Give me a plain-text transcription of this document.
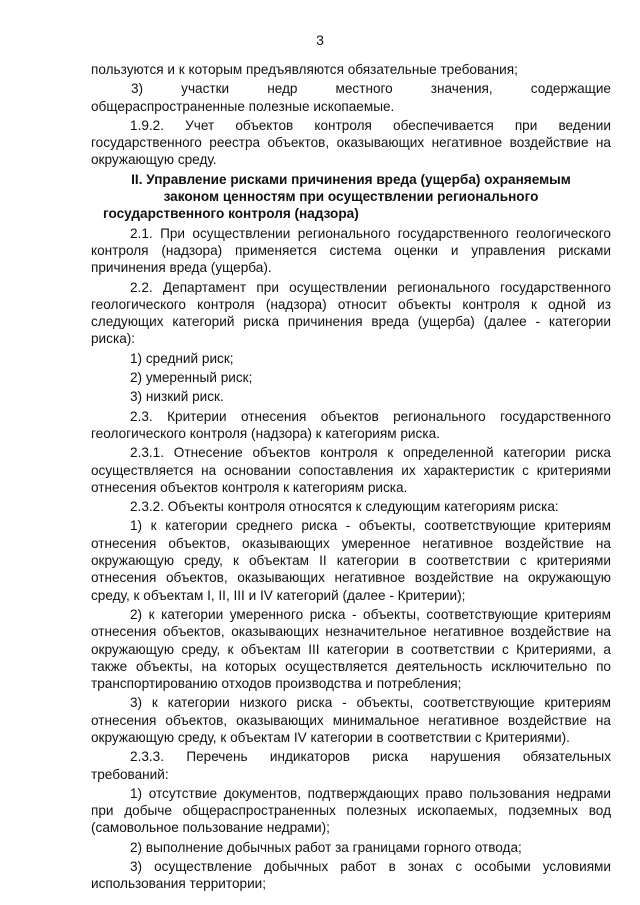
3

пользуются и к которым предъявляются обязательные требования;

3) участки недр местного значения, содержащие

общераспространенные полезные ископаемые.

1.9.2. Учет объектов контроля обеспечивается при ведении государственного реестра объектов, оказывающих негативное воздействие на окружающую среду.

II. Управление рисками причинения вреда (ущерба) охраняемым законом ценностям при осуществлении регионального государственного контроля (надзора)

2.1. При осуществлении регионального государственного геологического контроля (надзора) применяется система оценки и управления рисками причинения вреда (ущерба).

2.2. Департамент при осуществлении регионального государственного геологического контроля (надзора) относит объекты контроля к одной из следующих категорий риска причинения вреда (ущерба) (далее - категории риска):

1) средний риск;

2) умеренный риск;

3) низкий риск.

2.3. Критерии отнесения объектов регионального государственного геологического контроля (надзора) к категориям риска.

2.3.1. Отнесение объектов контроля к определенной категории риска осуществляется на основании сопоставления их характеристик с критериями отнесения объектов контроля к категориям риска.

2.3.2. Объекты контроля относятся к следующим категориям риска:

1) к категории среднего риска - объекты, соответствующие критериям отнесения объектов, оказывающих умеренное негативное воздействие на окружающую среду, к объектам II категории в соответствии с критериями отнесения объектов, оказывающих негативное воздействие на окружающую среду, к объектам I, II, III и IV категорий (далее - Критерии);

2) к категории умеренного риска - объекты, соответствующие критериям отнесения объектов, оказывающих незначительное негативное воздействие на окружающую среду, к объектам III категории в соответствии с Критериями, а также объекты, на которых осуществляется деятельность исключительно по транспортированию отходов производства и потребления;

3) к категории низкого риска - объекты, соответствующие критериям отнесения объектов, оказывающих минимальное негативное воздействие на окружающую среду, к объектам IV категории в соответствии с Критериями).

2.3.3. Перечень индикаторов риска нарушения обязательных

требований:

1) отсутствие документов, подтверждающих право пользования недрами при добыче общераспространенных полезных ископаемых, подземных вод (самовольное пользование недрами);

2) выполнение добычных работ за границами горного отвода;

3) осуществление добычных работ в зонах с особыми условиями использования территории;
